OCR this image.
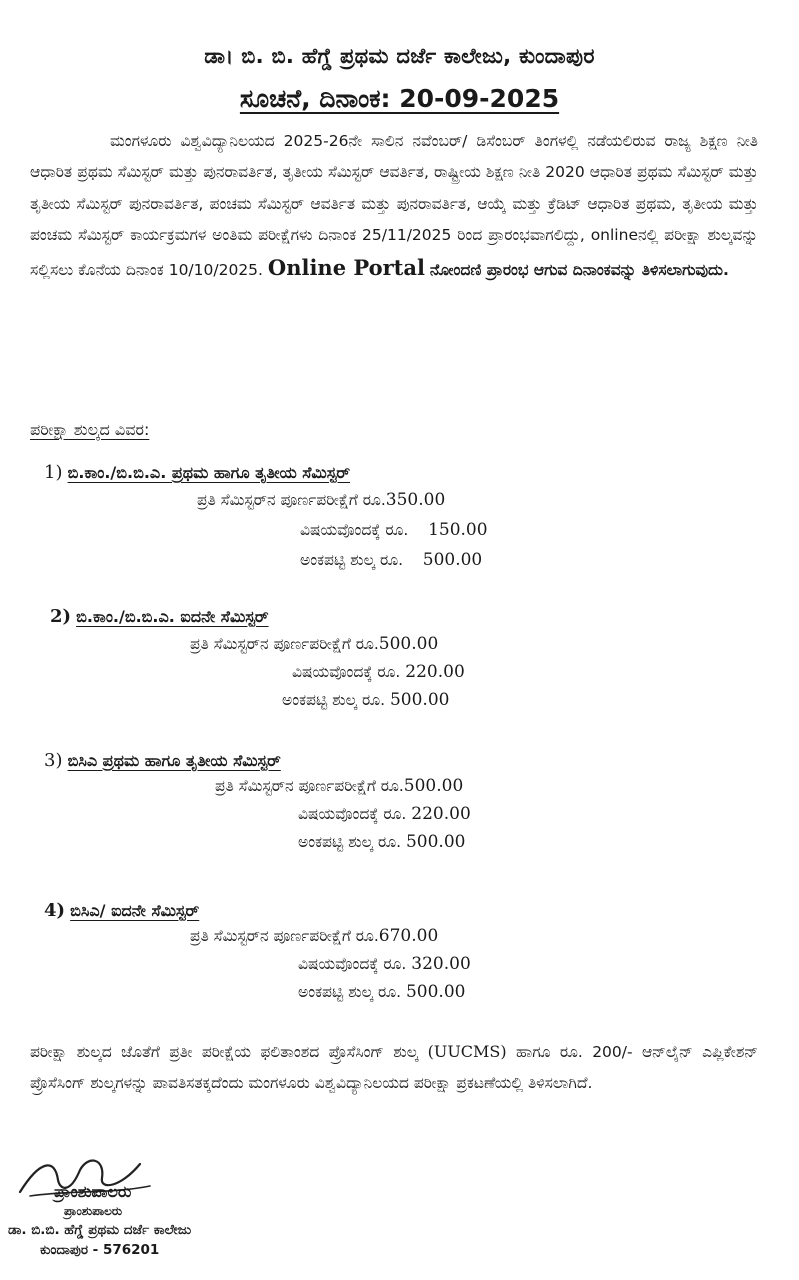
ಡಾ। ಬಿ. ಬಿ. ಹೆಗ್ಡೆ ಪ್ರಥಮ ದರ್ಜೆ ಕಾಲೇಜು, ಕುಂದಾಪುರ
ಸೂಚನೆ, ದಿನಾಂಕ: 20-09-2025
ಮಂಗಳೂರು ವಿಶ್ವವಿದ್ಯಾನಿಲಯದ 2025-26ನೇ ಸಾಲಿನ ನವೆಂಬರ್/ ಡಿಸೆಂಬರ್ ತಿಂಗಳಲ್ಲಿ ನಡೆಯಲಿರುವ ರಾಜ್ಯ ಶಿಕ್ಷಣ ನೀತಿ ಆಧಾರಿತ ಪ್ರಥಮ ಸೆಮಿಸ್ಟರ್ ಮತ್ತು ಪುನರಾವರ್ತಿತ, ತೃತೀಯ ಸೆಮಿಸ್ಟರ್ ಆವರ್ತಿತ, ರಾಷ್ಟ್ರೀಯ ಶಿಕ್ಷಣ ನೀತಿ 2020 ಆಧಾರಿತ ಪ್ರಥಮ ಸೆಮಿಸ್ಟರ್ ಮತ್ತು ತೃತೀಯ ಸೆಮಿಸ್ಟರ್ ಪುನರಾವರ್ತಿತ, ಪಂಚಮ ಸೆಮಿಸ್ಟರ್ ಆವರ್ತಿತ ಮತ್ತು ಪುನರಾವರ್ತಿತ, ಆಯ್ಕೆ ಮತ್ತು ಕ್ರೆಡಿಟ್ ಆಧಾರಿತ ಪ್ರಥಮ, ತೃತೀಯ ಮತ್ತು ಪಂಚಮ ಸೆಮಿಸ್ಟರ್ ಕಾರ್ಯಕ್ರಮಗಳ ಅಂತಿಮ ಪರೀಕ್ಷೆಗಳು ದಿನಾಂಕ 25/11/2025 ರಿಂದ ಪ್ರಾರಂಭವಾಗಲಿದ್ದು, onlineನಲ್ಲಿ ಪರೀಕ್ಷಾ ಶುಲ್ಕವನ್ನು ಸಲ್ಲಿಸಲು ಕೊನೆಯ ದಿನಾಂಕ 10/10/2025. Online Portal ನೋಂದಣಿ ಪ್ರಾರಂಭ ಆಗುವ ದಿನಾಂಕವನ್ನು ತಿಳಿಸಲಾಗುವುದು.
ಪರೀಕ್ಷಾ ಶುಲ್ಕದ ವಿವರ:
1) ಬಿ.ಕಾಂ./ಬಿ.ಬಿ.ಎ. ಪ್ರಥಮ ಹಾಗೂ ತೃತೀಯ ಸೆಮಿಸ್ಟರ್
ಪ್ರತಿ ಸೆಮಿಸ್ಟರ್‌ನ ಪೂರ್ಣಪರೀಕ್ಷೆಗೆ ರೂ.350.00
ವಿಷಯವೊಂದಕ್ಕೆ ರೂ. 150.00
ಅಂಕಪಟ್ಟಿ ಶುಲ್ಕ ರೂ. 500.00
2) ಬಿ.ಕಾಂ./ಬಿ.ಬಿ.ಎ. ಐದನೇ ಸೆಮಿಸ್ಟರ್
ಪ್ರತಿ ಸೆಮಿಸ್ಟರ್‌ನ ಪೂರ್ಣಪರೀಕ್ಷೆಗೆ ರೂ.500.00
ವಿಷಯವೊಂದಕ್ಕೆ ರೂ. 220.00
ಅಂಕಪಟ್ಟಿ ಶುಲ್ಕ ರೂ. 500.00
3) ಬಿಸಿಎ ಪ್ರಥಮ ಹಾಗೂ ತೃತೀಯ ಸೆಮಿಸ್ಟರ್
ಪ್ರತಿ ಸೆಮಿಸ್ಟರ್‌ನ ಪೂರ್ಣಪರೀಕ್ಷೆಗೆ ರೂ.500.00
ವಿಷಯವೊಂದಕ್ಕೆ ರೂ. 220.00
ಅಂಕಪಟ್ಟಿ ಶುಲ್ಕ ರೂ. 500.00
4) ಬಿಸಿಎ/ ಐದನೇ ಸೆಮಿಸ್ಟರ್
ಪ್ರತಿ ಸೆಮಿಸ್ಟರ್‌ನ ಪೂರ್ಣಪರೀಕ್ಷೆಗೆ ರೂ.670.00
ವಿಷಯವೊಂದಕ್ಕೆ ರೂ. 320.00
ಅಂಕಪಟ್ಟಿ ಶುಲ್ಕ ರೂ. 500.00
ಪರೀಕ್ಷಾ ಶುಲ್ಕದ ಜೊತೆಗೆ ಪ್ರತೀ ಪರೀಕ್ಷೆಯ ಫಲಿತಾಂಶದ ಪ್ರೊಸೆಸಿಂಗ್ ಶುಲ್ಕ (UUCMS) ಹಾಗೂ ರೂ. 200/- ಆನ್‌ಲೈನ್ ಎಪ್ಲಿಕೇಶನ್ ಪ್ರೊಸೆಸಿಂಗ್ ಶುಲ್ಕಗಳನ್ನು ಪಾವತಿಸತಕ್ಕದೆಂದು ಮಂಗಳೂರು ವಿಶ್ವವಿದ್ಯಾನಿಲಯದ ಪರೀಕ್ಷಾ ಪ್ರಕಟಣೆಯಲ್ಲಿ ತಿಳಿಸಲಾಗಿದೆ.
ಪ್ರಾಂಶುಪಾಲರು
ಪ್ರಾಂಶುಪಾಲರು
ಡಾ. ಬಿ.ಬಿ. ಹೆಗ್ಡೆ ಪ್ರಥಮ ದರ್ಜೆ ಕಾಲೇಜು
ಕುಂದಾಪುರ - 576201
